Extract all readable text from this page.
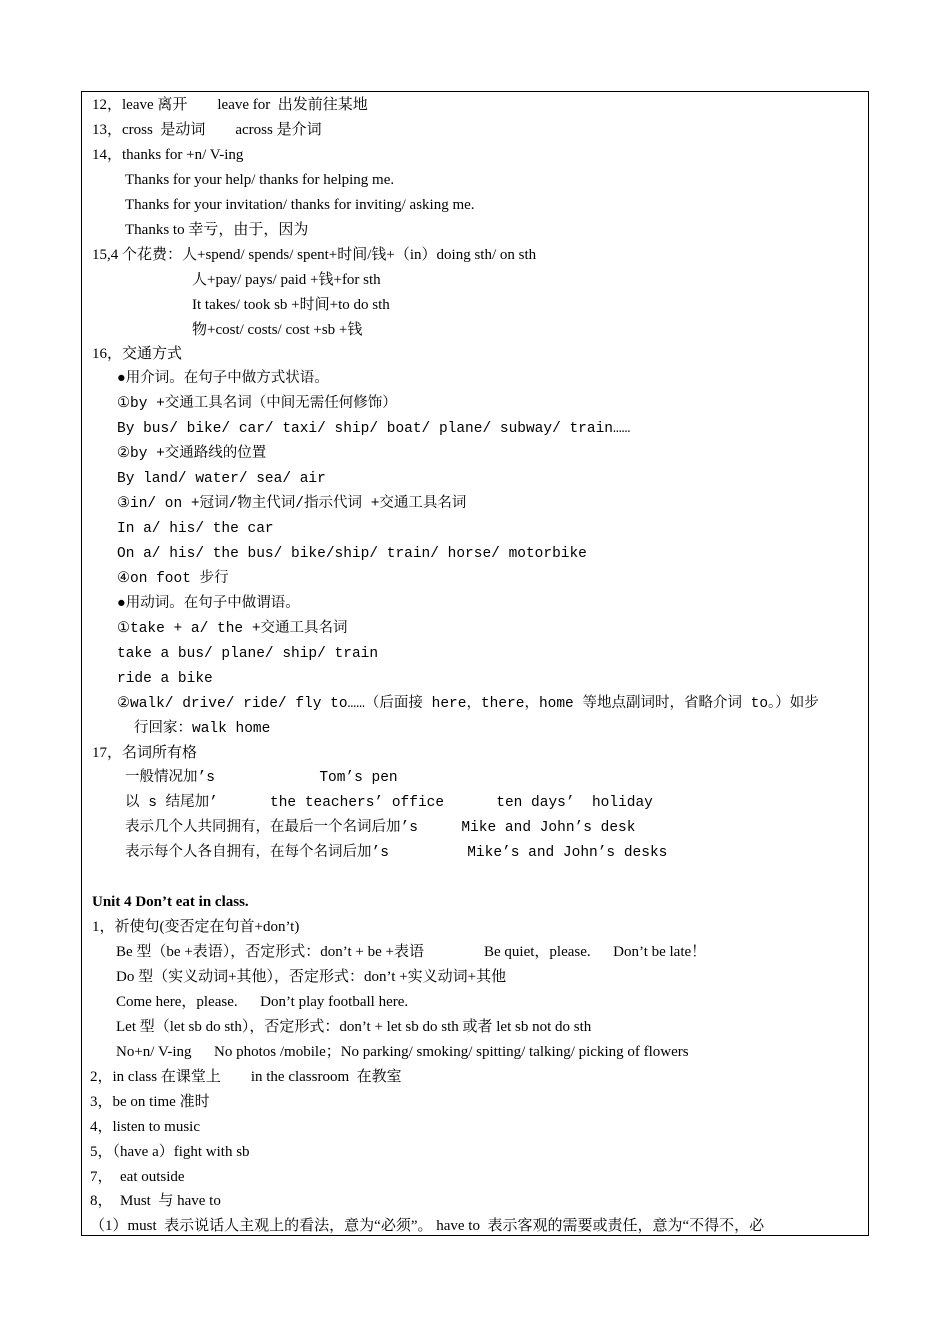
12，leave 离开        leave for  出发前往某地
13，cross  是动词        across 是介词
14，thanks for +n/ V-ing
Thanks for your help/ thanks for helping me.
Thanks for your invitation/ thanks for inviting/ asking me.
Thanks to 幸亏，由于，因为
15,4 个花费：人+spend/ spends/ spent+时间/钱+（in）doing sth/ on sth
人+pay/ pays/ paid +钱+for sth
It takes/ took sb +时间+to do sth
物+cost/ costs/ cost +sb +钱
16，交通方式
●用介词。在句子中做方式状语。
①by +交通工具名词（中间无需任何修饰）
By bus/ bike/ car/ taxi/ ship/ boat/ plane/ subway/ train……
②by +交通路线的位置
By land/ water/ sea/ air
③in/ on +冠词/物主代词/指示代词 +交通工具名词
In a/ his/ the car
On a/ his/ the bus/ bike/ship/ train/ horse/ motorbike
④on foot 步行
●用动词。在句子中做谓语。
①take + a/ the +交通工具名词
take a bus/ plane/ ship/ train
ride a bike
②walk/ drive/ ride/ fly to……（后面接 here，there，home 等地点副词时，省略介词 to。）如步
行回家：walk home
17，名词所有格
一般情况加’s            Tom’s pen
以 s 结尾加’      the teachers’ office      ten days’  holiday
表示几个人共同拥有，在最后一个名词后加’s     Mike and John’s desk
表示每个人各自拥有，在每个名词后加’s         Mike’s and John’s desks
Unit 4 Don’t eat in class.
1，祈使句(变否定在句首+don’t)
Be 型（be +表语），否定形式：don’t + be +表语                Be quiet，please.      Don’t be late！
Do 型（实义动词+其他），否定形式：don’t +实义动词+其他
Come here，please.      Don’t play football here.
Let 型（let sb do sth），否定形式：don’t + let sb do sth 或者 let sb not do sth
No+n/ V-ing      No photos /mobile；No parking/ smoking/ spitting/ talking/ picking of flowers
2，in class 在课堂上        in the classroom  在教室
3，be on time 准时
4，listen to music
5，（have a）fight with sb
7，  eat outside
8，  Must  与 have to
（1）must  表示说话人主观上的看法，意为“必须”。 have to  表示客观的需要或责任，意为“不得不，必
